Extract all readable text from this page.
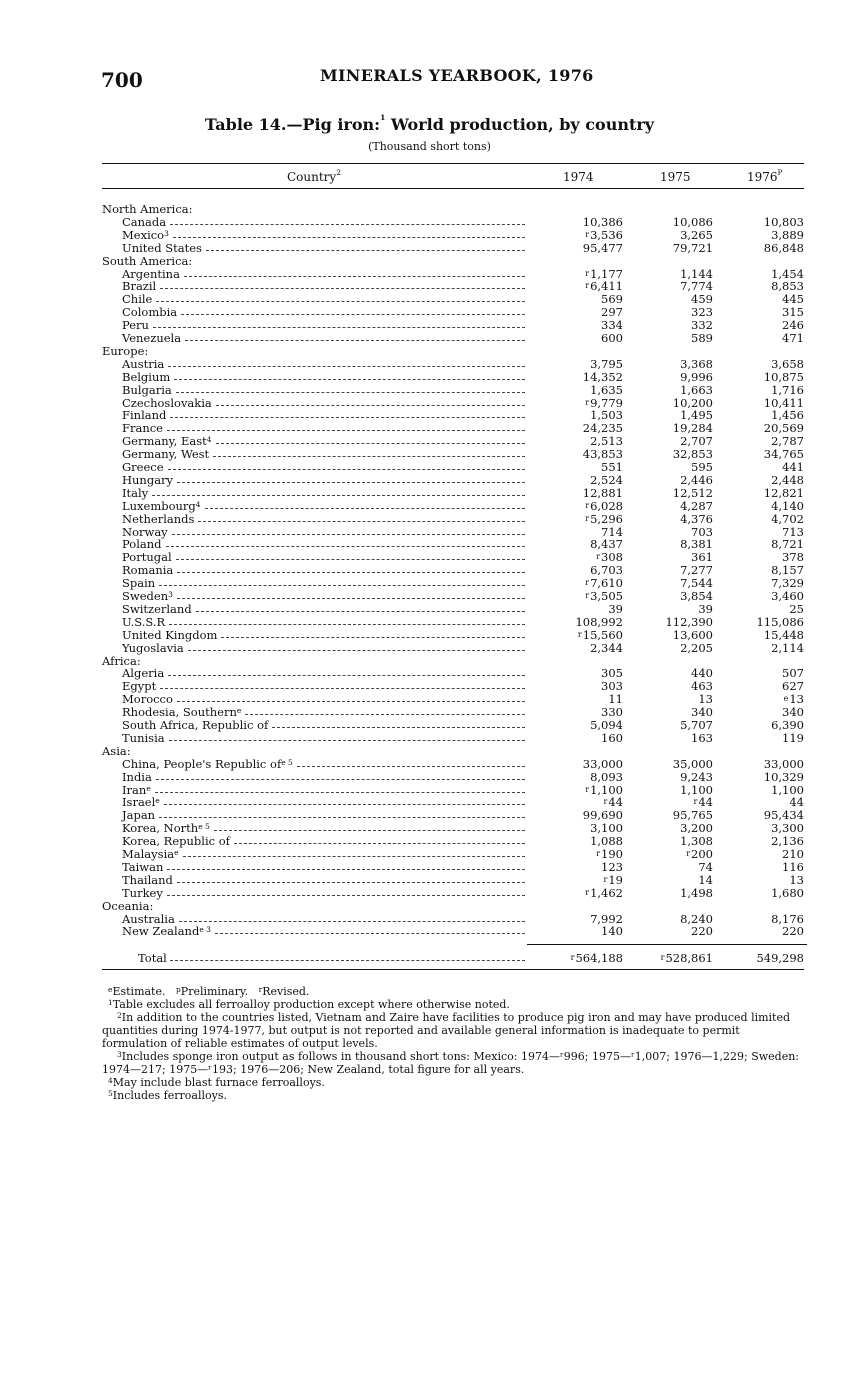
700	MINERALS YEARBOOK, 1976
Table 14.—Pig iron:$^1$ World production, by country
(Thousand short tons)
Country$^2$	1974	1975	$1976^P$
North America:
Canada	10,386	10,086	10,803
Mexico$^3$	$^r$3,536	3,265	3,889
United States	95,477	79,721	86,848
South America:
Argentina	$^r$1,177	1,144	1,454
Brazil	$^r$6,411	7,774	8,853
Chile	569	459	445
Colombia	297	323	315
Peru	334	332	246
Venezuela	600	589	471
Europe:
Austria	3,795	3,368	3,658
Belgium	14,352	9,996	10,875
Bulgaria	1,635	1,663	1,716
Czechoslovakia	$^r$9,779	10,200	10,411
Finland	1,503	1,495	1,456
France	24,235	19,284	20,569
Germany, East$^4$	2,513	2,707	2,787
Germany, West	43,853	32,853	34,765
Greece	551	595	441
Hungary	2,524	2,446	2,448
Italy	12,881	12,512	12,821
Luxembourg$^4$	$^r$6,028	4,287	4,140
Netherlands	$^r$5,296	4,376	4,702
Norway	714	703	713
Poland	8,437	8,381	8,721
Portugal	$^r$308	361	378
Romania	6,703	7,277	8,157
Spain	$^r$7,610	7,544	7,329
Sweden$^3$	$^r$3,505	3,854	3,460
Switzerland	39	39	25
U.S.S.R	108,992	112,390	115,086
United Kingdom	$^r$15,560	13,600	15,448
Yugoslavia	2,344	2,205	2,114
Africa:
Algeria	305	440	507
Egypt	303	463	627
Morocco	11	13	$^e$13
Rhodesia, Southern$^e$	330	340	340
South Africa, Republic of	5,094	5,707	6,390
Tunisia	160	163	119
Asia:
China, People's Republic $of^{e 5}$	33,000	35,000	33,000
India	8,093	9,243	10,329
Iran$^e$	$^r$1,100	1,100	1,100
Israel$^e$	$^r$44	$^r$44	44
Japan	99,690	95,765	95,434
Korea, North$^{e 5}$	3,100	3,200	3,300
Korea, Republic of	1,088	1,308	2,136
Malaysia$^e$	$^r$190	$^r$200	210
Taiwan	123	74	116
Thailand	$^r$19	14	13
Turkey	$^r$1,462	1,498	1,680
Oceania:
Australia	7,992	8,240	8,176
New Zealand$^{e 3}$	140	220	220
Total	$^r$564,188	$^r$528,861	549,298

$^e$Estimate. $^p$Preliminary. $^r$Revised.

$^1$Table excludes all ferroalloy production except where otherwise noted.

$^2$In addition to the countries listed, Vietnam and Zaire have facilities to produce pig iron and may have produced limited quantities during 1974-1977, but output is not reported and available general information is inadequate to permit formulation of reliable estimates of output levels.

$^3$Includes sponge iron output as follows in thousand short tons: Mexico: 1974—ʳ996; 1975—ʳ1,007; 1976—1,229; Sweden: 1974—217; 1975—ʳ193; 1976—206; New Zealand, total figure for all years.

$^4$May include blast furnace ferroalloys.

$^5$Includes ferroalloys.
